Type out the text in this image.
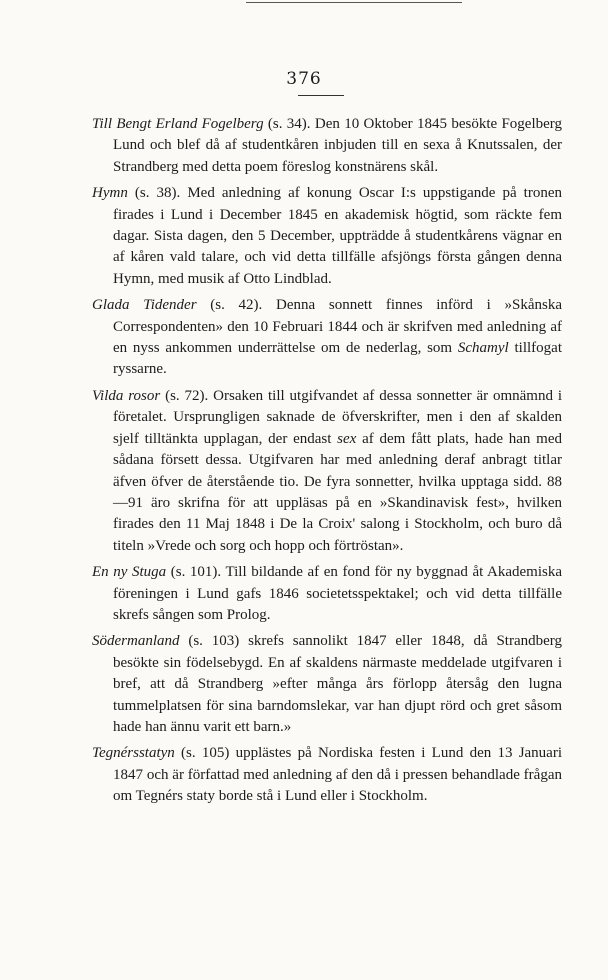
376

Till Bengt Erland Fogelberg (s. 34). Den 10 Oktober 1845 besökte Fogelberg Lund och blef då af studentkåren inbjuden till en sexa å Knutssalen, der Strandberg med detta poem föreslog konstnärens skål.

Hymn (s. 38). Med anledning af konung Oscar I:s uppstigande på tronen firades i Lund i December 1845 en akademisk högtid, som räckte fem dagar. Sista dagen, den 5 December, uppträdde å studentkårens vägnar en af kåren vald talare, och vid detta tillfälle afsjöngs första gången denna Hymn, med musik af Otto Lindblad.

Glada Tidender (s. 42). Denna sonnett finnes införd i »Skånska Correspondenten» den 10 Februari 1844 och är skrifven med anledning af en nyss ankommen underrättelse om de nederlag, som Schamyl tillfogat ryssarne.

Vilda rosor (s. 72). Orsaken till utgifvandet af dessa sonnetter är omnämnd i företalet. Ursprungligen saknade de öfverskrifter, men i den af skalden sjelf tilltänkta upplagan, der endast sex af dem fått plats, hade han med sådana försett dessa. Utgifvaren har med anledning deraf anbragt titlar äfven öfver de återstående tio. De fyra sonnetter, hvilka upptaga sidd. 88—91 äro skrifna för att uppläsas på en »Skandinavisk fest», hvilken firades den 11 Maj 1848 i De la Croix' salong i Stockholm, och buro då titeln »Vrede och sorg och hopp och förtröstan».

En ny Stuga (s. 101). Till bildande af en fond för ny byggnad åt Akademiska föreningen i Lund gafs 1846 societetsspektakel; och vid detta tillfälle skrefs sången som Prolog.

Södermanland (s. 103) skrefs sannolikt 1847 eller 1848, då Strandberg besökte sin födelsebygd. En af skaldens närmaste meddelade utgifvaren i bref, att då Strandberg »efter många års förlopp återsåg den lugna tummelplatsen för sina barndomslekar, var han djupt rörd och gret såsom hade han ännu varit ett barn.»

Tegnérsstatyn (s. 105) upplästes på Nordiska festen i Lund den 13 Januari 1847 och är författad med anledning af den då i pressen behandlade frågan om Tegnérs staty borde stå i Lund eller i Stockholm.
